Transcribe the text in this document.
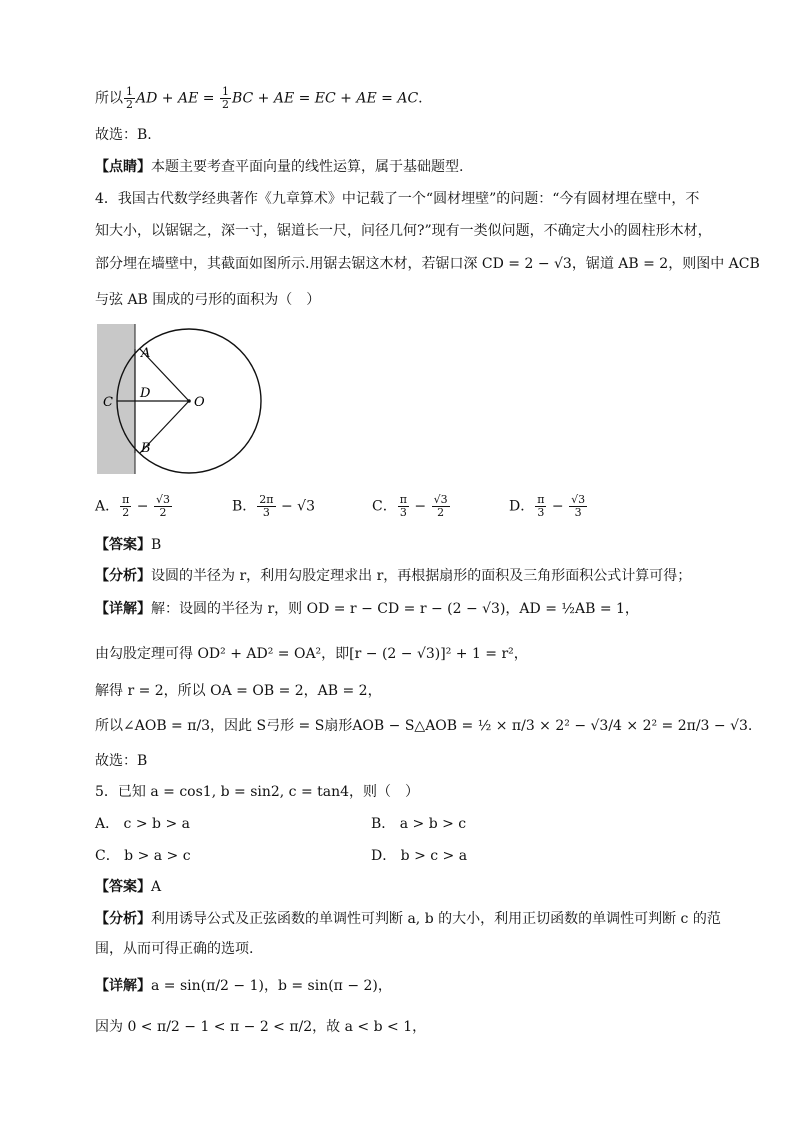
所以 $\frac{1}{2}$ AD + AE = $\frac{1}{2}$ BC + AE = EC + AE = AC.
故选：B.
【点睛】本题主要考查平面向量的线性运算，属于基础题型.
4．我国古代数学经典著作《九章算术》中记载了一个“圆材埋壁”的问题：“今有圆材埋在壁中，不
知大小，以锯锯之，深一寸，锯道长一尺，问径几何?”现有一类似问题，不确定大小的圆柱形木材，
部分埋在墙壁中，其截面如图所示.用锯去锯这木材，若锯口深 CD = 2 − √3，锯道 AB = 2，则图中 ACB
与弦 AB 围成的弓形的面积为（　）
A
B
C
D
O
A． $\frac{\pi}{2} - \frac{√3}{2}$	B． $\frac{2\pi}{3} - √3$	C． $\frac{\pi}{3} - \frac{√3}{2}$	D． $\frac{\pi}{3} - \frac{√3}{3}$
【答案】B
【分析】设圆的半径为 r，利用勾股定理求出 r，再根据扇形的面积及三角形面积公式计算可得；
【详解】解：设圆的半径为 r，则 OD = r − CD = r − (2 − √3)，AD = ½AB = 1，
由勾股定理可得 OD² + AD² = OA²，即[r − (2 − √3)]² + 1 = r²，
解得 r = 2，所以 OA = OB = 2，AB = 2，
所以∠AOB = π/3，因此 S弓形 = S扇形AOB − S△AOB = ½ × π/3 × 2² − √3/4 × 2² = 2π/3 − √3.
故选：B
5．已知 a = cos1, b = sin2, c = tan4，则（　）
A． c > b > a	B． a > b > c
C． b > a > c	D． b > c > a
【答案】A
【分析】利用诱导公式及正弦函数的单调性可判断 a, b 的大小，利用正切函数的单调性可判断 c 的范
围，从而可得正确的选项.
【详解】a = sin(π/2 − 1)，b = sin(π − 2)，
因为 0 < π/2 − 1 < π − 2 < π/2，故 a < b < 1，
